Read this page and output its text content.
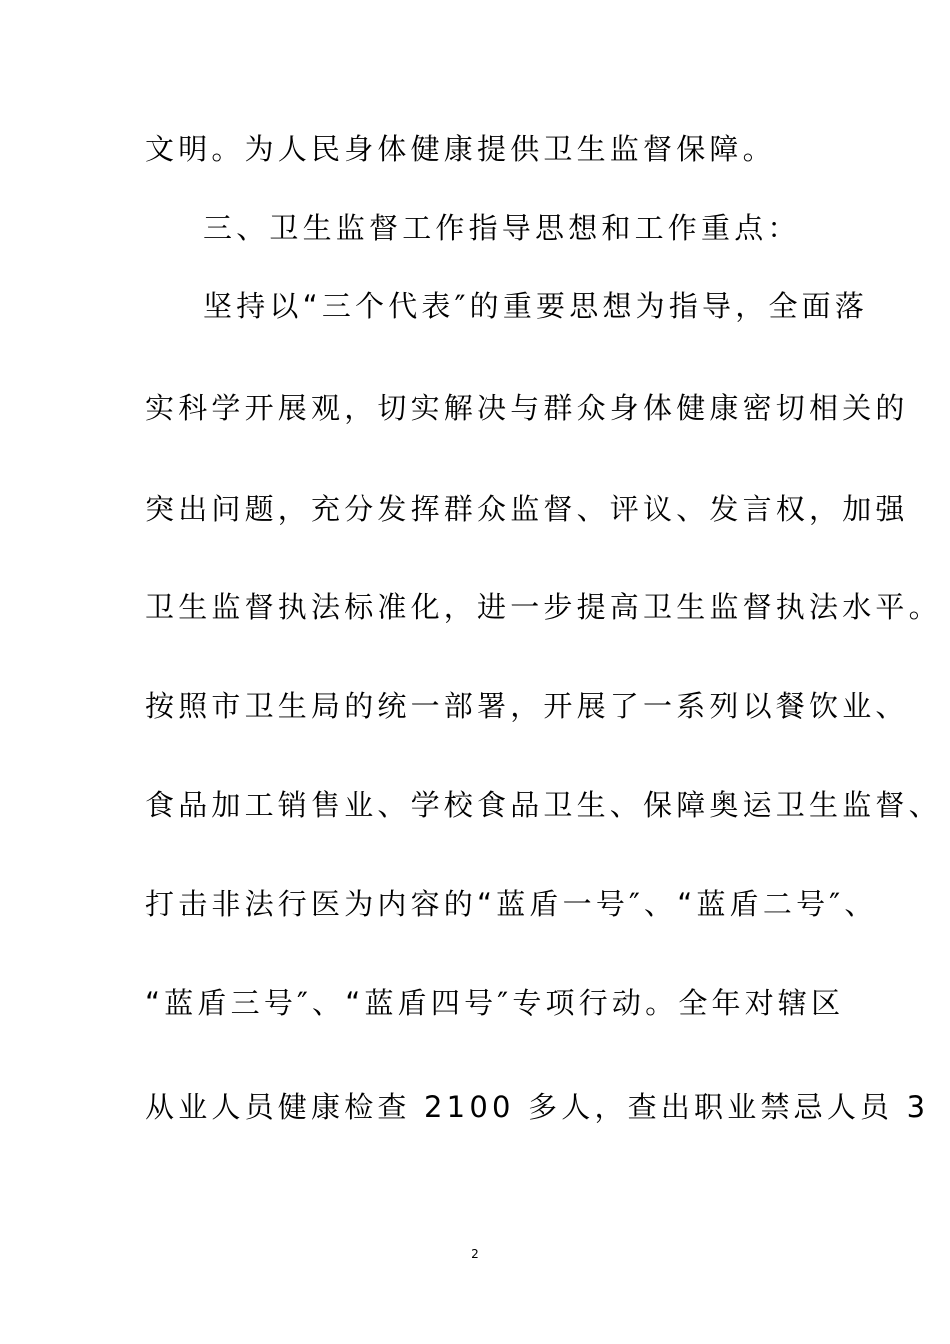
文明。为人民身体健康提供卫生监督保障。
三、卫生监督工作指导思想和工作重点：
坚持以“三个代表″的重要思想为指导，全面落
实科学开展观，切实解决与群众身体健康密切相关的
突出问题，充分发挥群众监督、评议、发言权，加强
卫生监督执法标准化，进一步提高卫生监督执法水平。
按照市卫生局的统一部署，开展了一系列以餐饮业、
食品加工销售业、学校食品卫生、保障奥运卫生监督、
打击非法行医为内容的“蓝盾一号″、“蓝盾二号″、
“蓝盾三号″、“蓝盾四号″专项行动。全年对辖区
从业人员健康检查 2100 多人，查出职业禁忌人员 3
2
